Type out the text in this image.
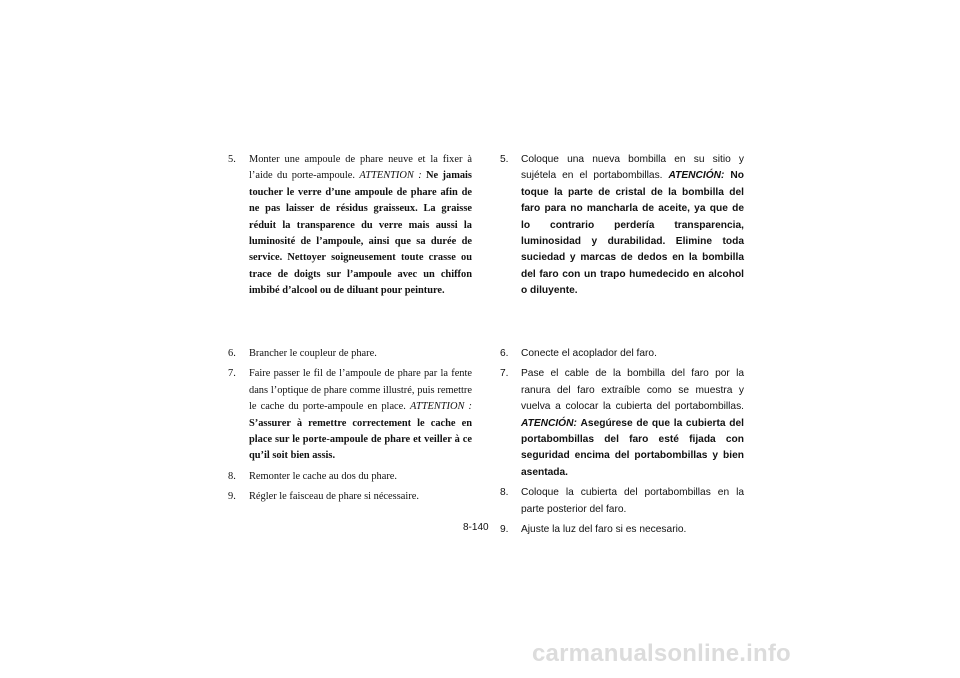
5. Monter une ampoule de phare neuve et la fixer à l’aide du porte-ampoule. ATTENTION : Ne jamais toucher le verre d’une ampoule de phare afin de ne pas laisser de résidus graisseux. La graisse réduit la transparence du verre mais aussi la luminosité de l’ampoule, ainsi que sa durée de service. Nettoyer soigneusement toute crasse ou trace de doigts sur l’ampoule avec un chiffon imbibé d’alcool ou de diluant pour peinture.
6. Brancher le coupleur de phare.
7. Faire passer le fil de l’ampoule de phare par la fente dans l’optique de phare comme illustré, puis remettre le cache du porte-ampoule en place. ATTENTION : S’assurer à remettre correctement le cache en place sur le porte-ampoule de phare et veiller à ce qu’il soit bien assis.
8. Remonter le cache au dos du phare.
9. Régler le faisceau de phare si nécessaire.
5. Coloque una nueva bombilla en su sitio y sujétela en el portabombillas. ATENCIÓN: No toque la parte de cristal de la bombilla del faro para no mancharla de aceite, ya que de lo contrario perdería transparencia, luminosidad y durabilidad. Elimine toda suciedad y marcas de dedos en la bombilla del faro con un trapo humedecido en alcohol o diluyente.
6. Conecte el acoplador del faro.
7. Pase el cable de la bombilla del faro por la ranura del faro extraíble como se muestra y vuelva a colocar la cubierta del portabombillas. ATENCIÓN: Asegúrese de que la cubierta del portabombillas del faro esté fijada con seguridad encima del portabombillas y bien asentada.
8. Coloque la cubierta del portabombillas en la parte posterior del faro.
9. Ajuste la luz del faro si es necesario.
8-140
carmanualsonline.info
